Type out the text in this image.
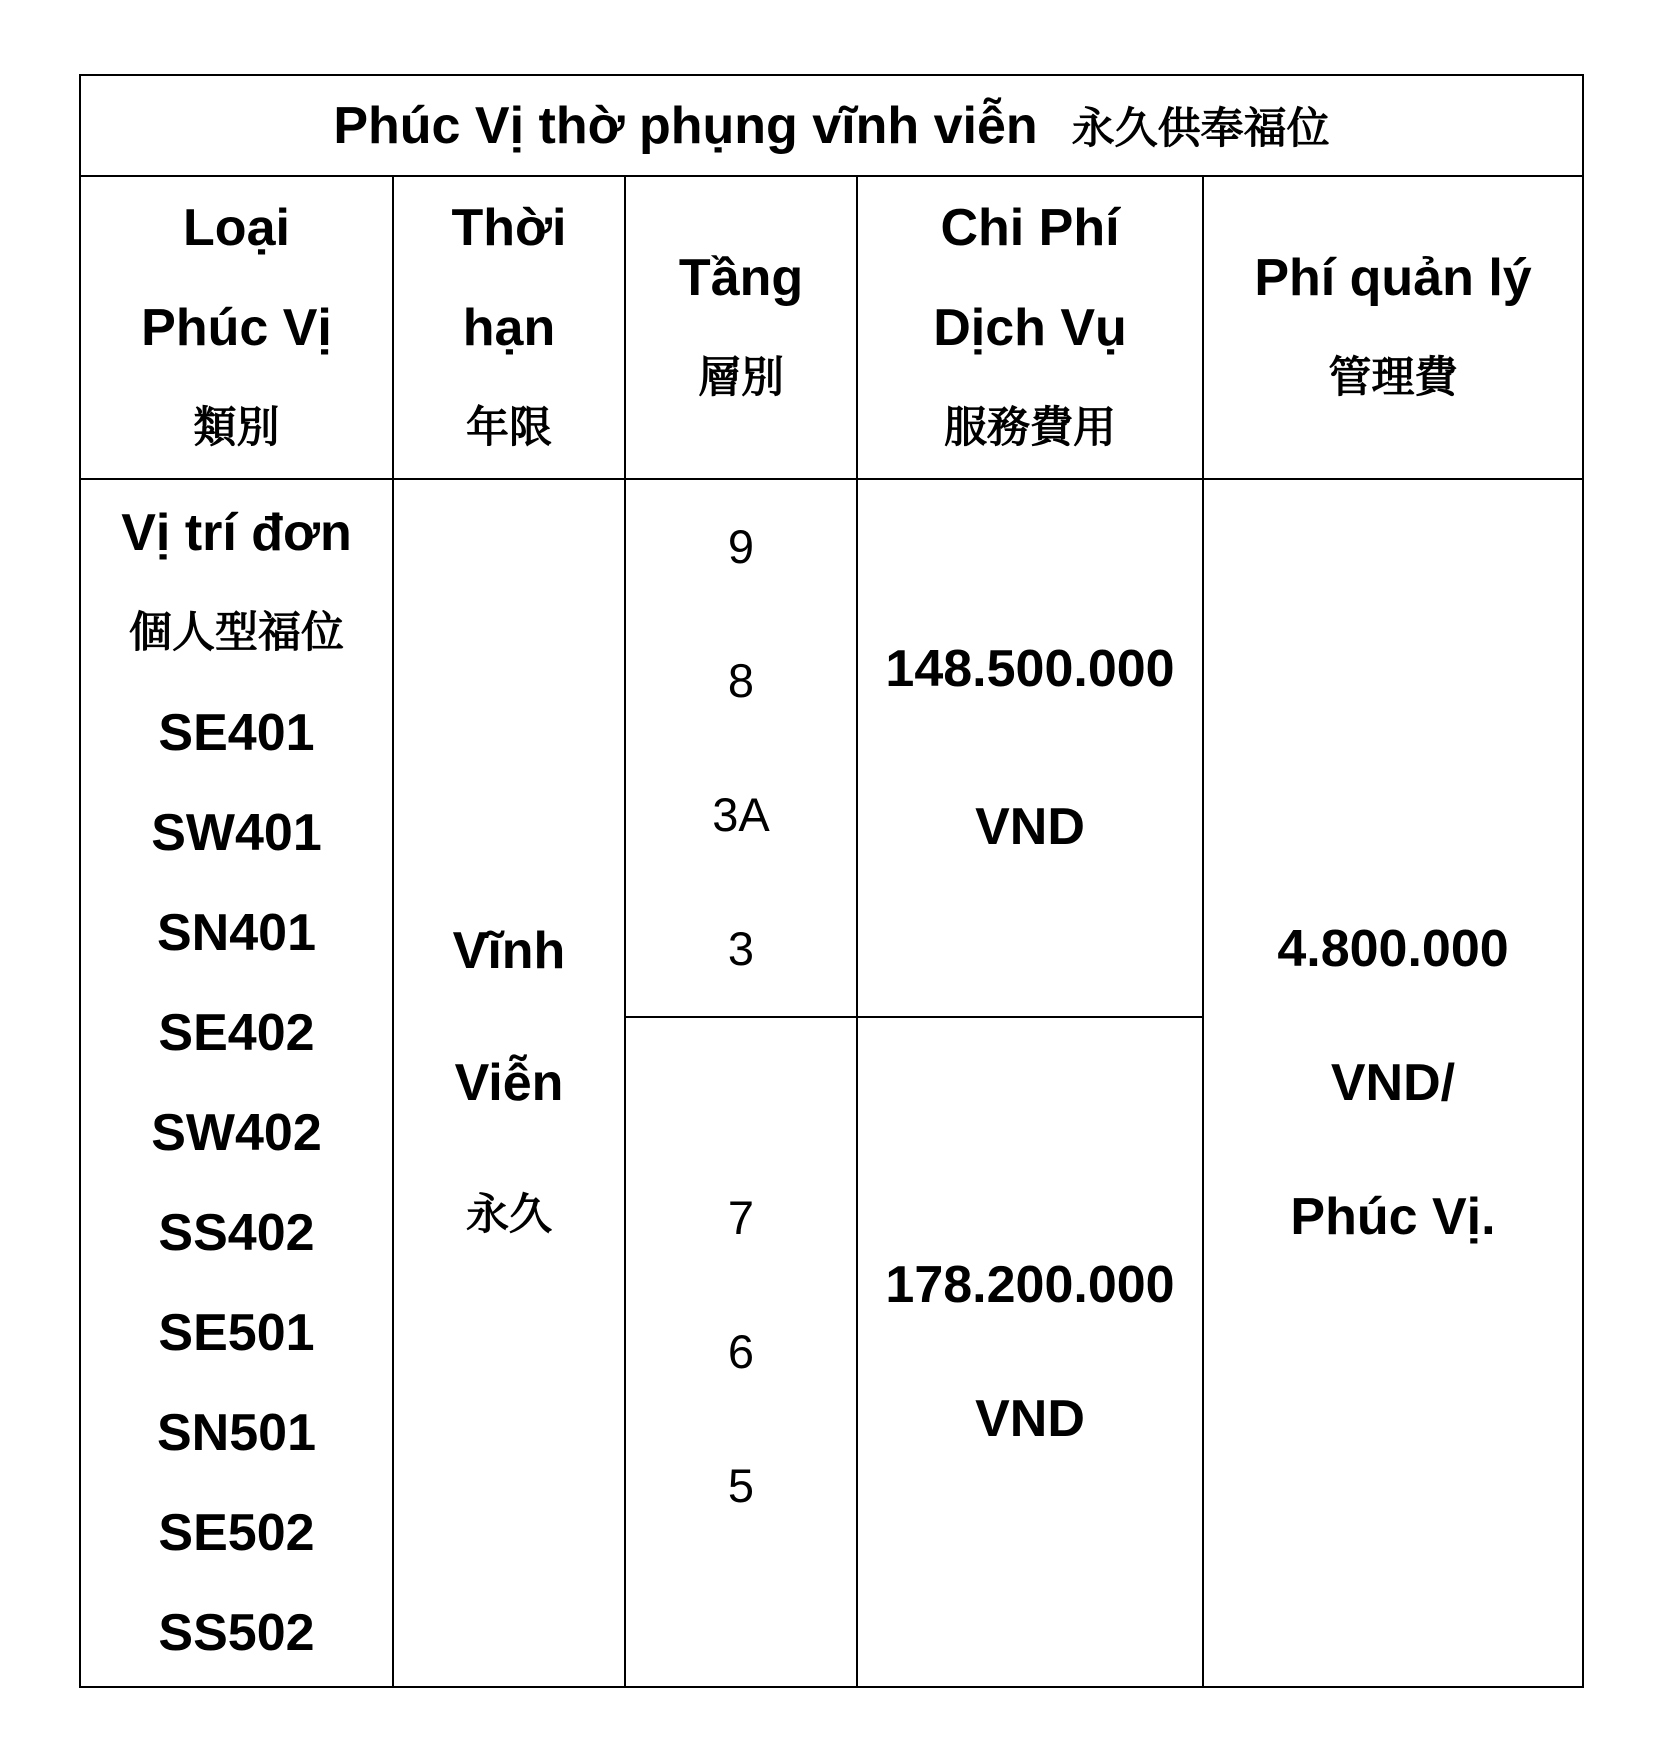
Phúc Vị thờ phụng vĩnh viễn 永久供奉福位
Loại
Phúc Vị
類別
Thời
hạn
年限
Tầng
層別
Chi Phí
Dịch Vụ
服務費用
Phí quản lý
管理費
Vị trí đơn
個人型福位
SE401
SW401
SN401
SE402
SW402
SS402
SE501
SN501
SE502
SS502
Vĩnh
Viễn
永久
9
8
3A
3
148.500.000
VND
7
6
5
178.200.000
VND
4.800.000
VND/
Phúc Vị.
